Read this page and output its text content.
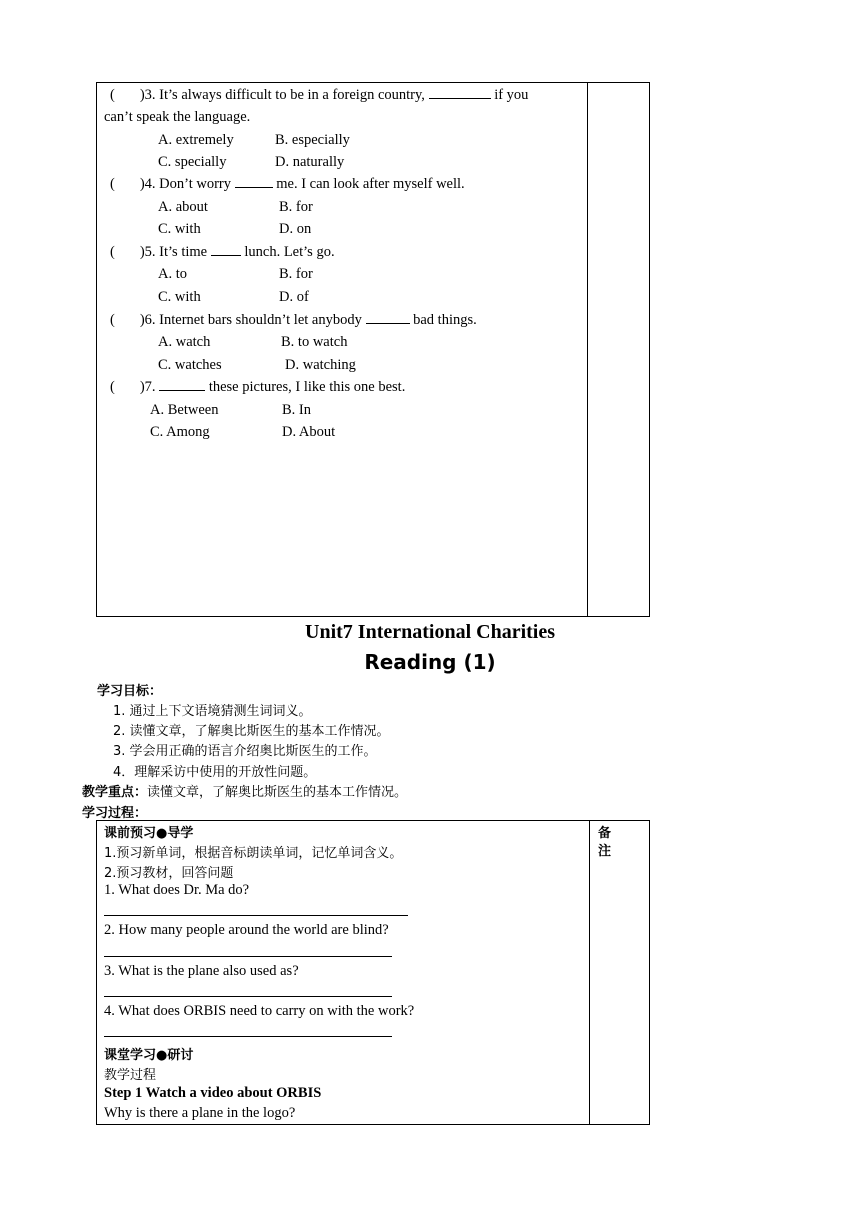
( )3. It’s always difficult to be in a foreign country,	if you
can’t speak the language.
A. extremely	B. especially
C. specially	D. naturally
( )4. Don’t worry	me. I can look after myself well.
A. about	B. for
C. with	D. on
( )5. It’s time	lunch. Let’s go.
A. to	B. for
C. with	D. of
( )6. Internet bars shouldn’t let anybody	bad things.
A. watch	B. to watch
C. watches	D. watching
( )7.	these pictures, I like this one best.
A. Between	B. In
C. Among	D. About
Unit7 International Charities
Reading (1)
学习目标：
1. 通过上下文语境猜测生词词义。
2. 读懂文章，了解奥比斯医生的基本工作情况。
3. 学会用正确的语言介绍奥比斯医生的工作。
4．理解采访中使用的开放性问题。
教学重点：读懂文章，了解奥比斯医生的基本工作情况。
学习过程：
备
注
课前预习●导学
1.预习新单词，根据音标朗读单词，记忆单词含义。
2.预习教材，回答问题
1. What does Dr. Ma do?
2. How many people around the world are blind?
3. What is the plane also used as?
4. What does ORBIS need to carry on with the work?
课堂学习●研讨
教学过程
Step 1 Watch a video about ORBIS
Why is there a plane in the logo?
